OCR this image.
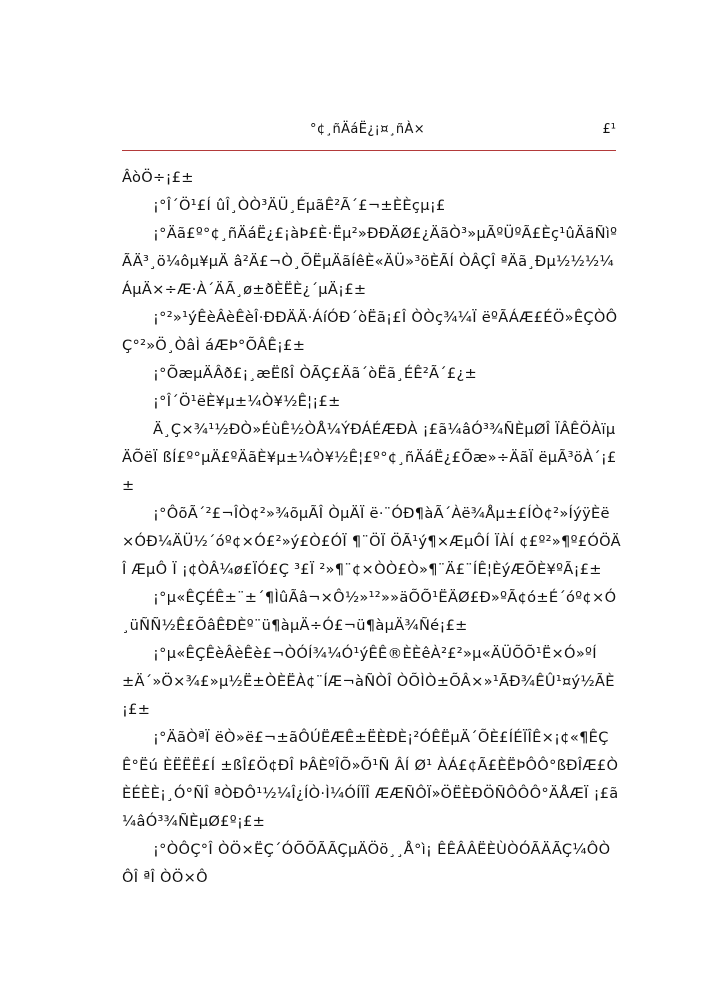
°¢¸ñÄáË¿¡¤¸ñÀ×	£¹

ÂòÖ÷¡£±

¡°Î´Ö¹£Í ûÎ¸ÒÒ³ÄÜ¸ÉµãÊ²Ã´£¬±ÈÈçµ¡£

¡°Äã£º°¢¸ñÄáË¿£¡àÞ£È·Ëµ²»ÐÐÄØ£¿ÄãÒ³»µÃºÜºÃ£Èç¹ûÄãÑìºÃÄ³¸ö¼ôµ¥µÄ â²Ä£¬Ò¸ÕËµÄãÍêÈ«ÄÜ»³öÈÃÍ ÒÂÇÎ ªÄã¸Ðµ½½½¼ÁµÄ×÷Æ·À´ÄÃ¸ø±ðÈËÈ¿´µÄ¡£±

¡°²»¹ýÊèÂèÊèÎ·ÐÐÄÄ·ÁíÓÐ´òËã¡£Î ÒÒç¾¼Ï ëºÃÁÆ£ÉÖ»ÊÇÒÔÇ°²»Ö¸ÒâÌ áÆÞ°ÕÂÊ¡£±

¡°ÕæµÄÂð£¡¸æËßÎ ÒÃÇ£Äã´òËã¸ÉÊ²Ã´£¿±

¡°Î´Ö¹ëÈ¥µ±¼Ò¥½Ê¦¡£±

Ä¸Ç×¾¹½ÐÒ»ÉùÊ½ÒÅ¼ÝÐÁÉÆÐÀ ¡£ã¼âÓ³¾ÑÈµØÎ ÏÂÊÖÀïµÄÕëÏ ßÍ£º°µÄ£ºÄãÈ¥µ±¼Ò¥½Ê¦£º°¢¸ñÄáË¿£Õæ»÷ÄãÏ ëµÃ³öÀ´¡£±

¡°ÔõÃ´²£¬ÎÒ¢²»¾õµÃÎ ÒµÄÏ ë·¨ÓÐ¶àÃ´Àë¾Åµ±£ÍÒ¢²»ÍýÿÈë×ÓÐ¼ÄÜ½´óº¢×Ó£²»ý£Ò£ÓÏ ¶¨ÖÏ ÖÃ¹ý¶×ÆµÔÍ ÏÀÍ ¢£º²»¶º£ÓÖÄÎ ÆµÔ Ï ¡¢ÒÂ¼ø£ÏÓ£Ç ³£Ï ²»¶¨¢×ÒÒ£Ò»¶¨Ä£¨ÍÊ¦ÈýÆÕÈ¥ºÃ¡£±

¡°µ«ÊÇÉÊ±¨±´¶ÌûÃâ¬×Ô½»¹²»»äÕÕ¹ËÄØ£Ð»ºÃ¢ó±É´óº¢×Ó¸üÑÑ½Ê£ÕâÊÐÈº¨ü¶àµÄ÷Ó£¬ü¶àµÄ¾Ñé¡£±

¡°µ«ÊÇÊèÂèÊè£¬ÒÓÍ¾¼Ó¹ýÊÊ®ÈÈêÀ²£²»µ«ÄÜÕÕ¹Ë×Ó»ºÍ ±Ä´»Ö×¾£»µ½Ë±ÒÈËÀ¢¨ÍÆ¬àÑÒÎ ÒÕÌÒ±ÕÂ×»¹ÃÐ¾ÊÛ¹¤ý½ÃÈ¡£±

¡°ÄãÒªÏ ëÒ»ë£¬±ãÔÚËÆÊ±ËÈÐÈ¡²ÓÊËµÄ´ÕÈ£ÍÉÏÎÊ×¡¢«¶ÊÇÊ°Ëú ÈËËË£Í ±ßÎ£Ö¢ÐÎ ÞÂÈºÎÕ»Õ¹Ñ ÂÍ Ø¹ ÀÁ£¢Ã£ÈËÞÔÔ°ßÐÎÆ£ÒÈÉÈÈ¡¸Ó°ÑÎ ªÒÐÔ¹½¼Î¿ÍÒ·Ì¼ÓÍÏÎ ÆÆÑÔÏ»ÖËÈÐÖÑÔÔÔ°ÄÅÆÏ ¡£ã¼âÓ³¾ÑÈµØ£º¡£±

¡°ÒÔÇ°Î ÒÖ×ËÇ´ÓÕÕÃÃÇµÄÖö¸¸Å°ì¡ ÊÊÂÂËÈÙÒÓÃÄÃÇ¼ÔÒÔÎ ªÎ ÒÖ×Ô
